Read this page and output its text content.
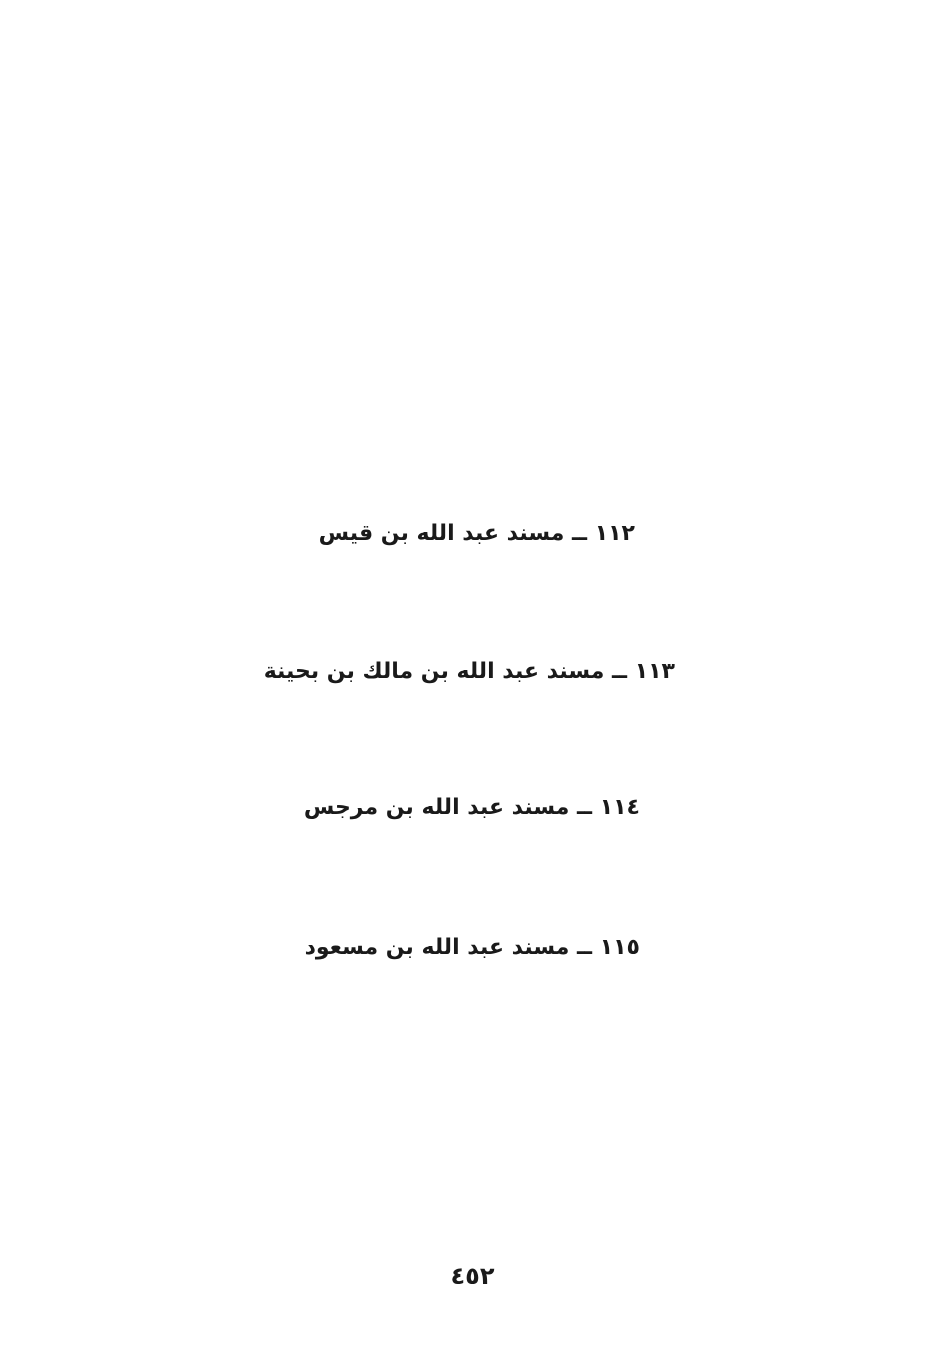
١١٢ ــ مسند عبد الله بن قيس
١١٣ ــ مسند عبد الله بن مالك بن بحينة
١١٤ ــ مسند عبد الله بن مرجس
١١٥ ــ مسند عبد الله بن مسعود
٤٥٢
